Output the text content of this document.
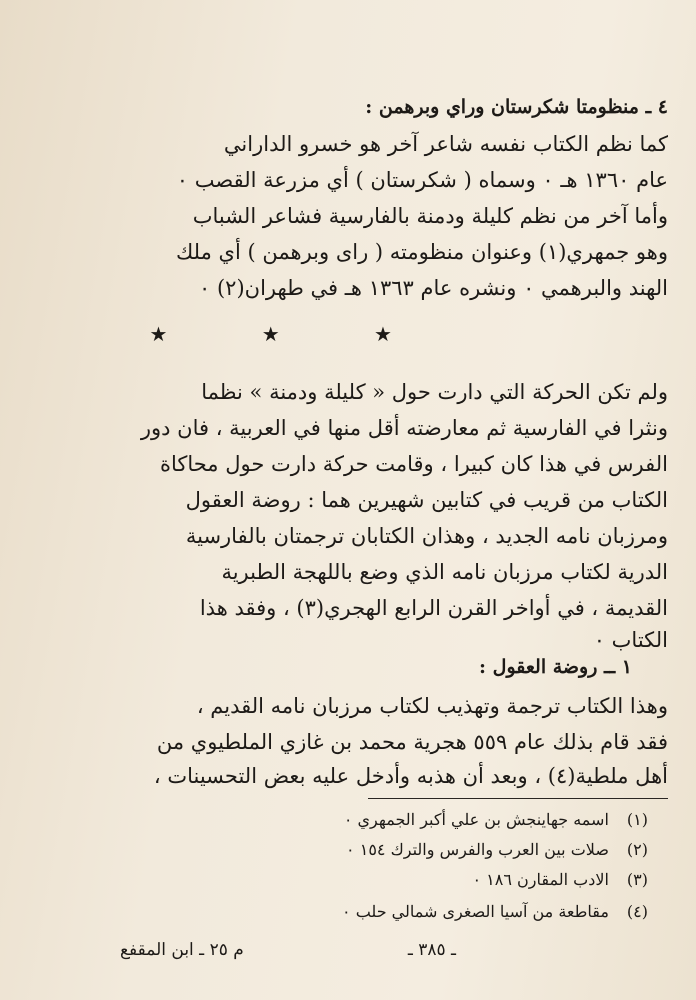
٤ ـ منظومتا شكرستان وراي وبرهمن :
كما نظم الكتاب نفسه شاعر آخر هو خسرو الداراني
عام ١٣٦٠ هـ ٠ وسماه ( شكرستان ) أي مزرعة القصب ٠
وأما آخر من نظم كليلة ودمنة بالفارسية فشاعر الشباب
وهو جمهري(١) وعنوان منظومته ( راى وبرهمن ) أي ملك
الهند والبرهمي ٠ ونشره عام ١٣٦٣ هـ في طهران(٢) ٠
★ ★ ★
ولم تكن الحركة التي دارت حول « كليلة ودمنة » نظما
ونثرا في الفارسية ثم معارضته أقل منها في العربية ، فان دور
الفرس في هذا كان كبيرا ، وقامت حركة دارت حول محاكاة
الكتاب من قريب في كتابين شهيرين هما : روضة العقول
ومرزبان نامه الجديد ، وهذان الكتابان ترجمتان بالفارسية
الدرية لكتاب مرزبان نامه الذي وضع باللهجة الطبرية
القديمة ، في أواخر القرن الرابع الهجري(٣) ، وفقد هذا
الكتاب ٠
١ ــ روضة العقول :
وهذا الكتاب ترجمة وتهذيب لكتاب مرزبان نامه القديم ،
فقد قام بذلك عام ٥٥٩ هجرية محمد بن غازي الملطيوي من
أهل ملطية(٤) ، وبعد أن هذبه وأدخل عليه بعض التحسينات ،
(١) اسمه جهاينجش بن علي أكبر الجمهري ٠
(٢) صلات بين العرب والفرس والترك ١٥٤ ٠
(٣) الادب المقارن ١٨٦ ٠
(٤) مقاطعة من آسيا الصغرى شمالي حلب ٠
ـ ٣٨٥ ـ
م ٢٥ ـ ابن المقفع
